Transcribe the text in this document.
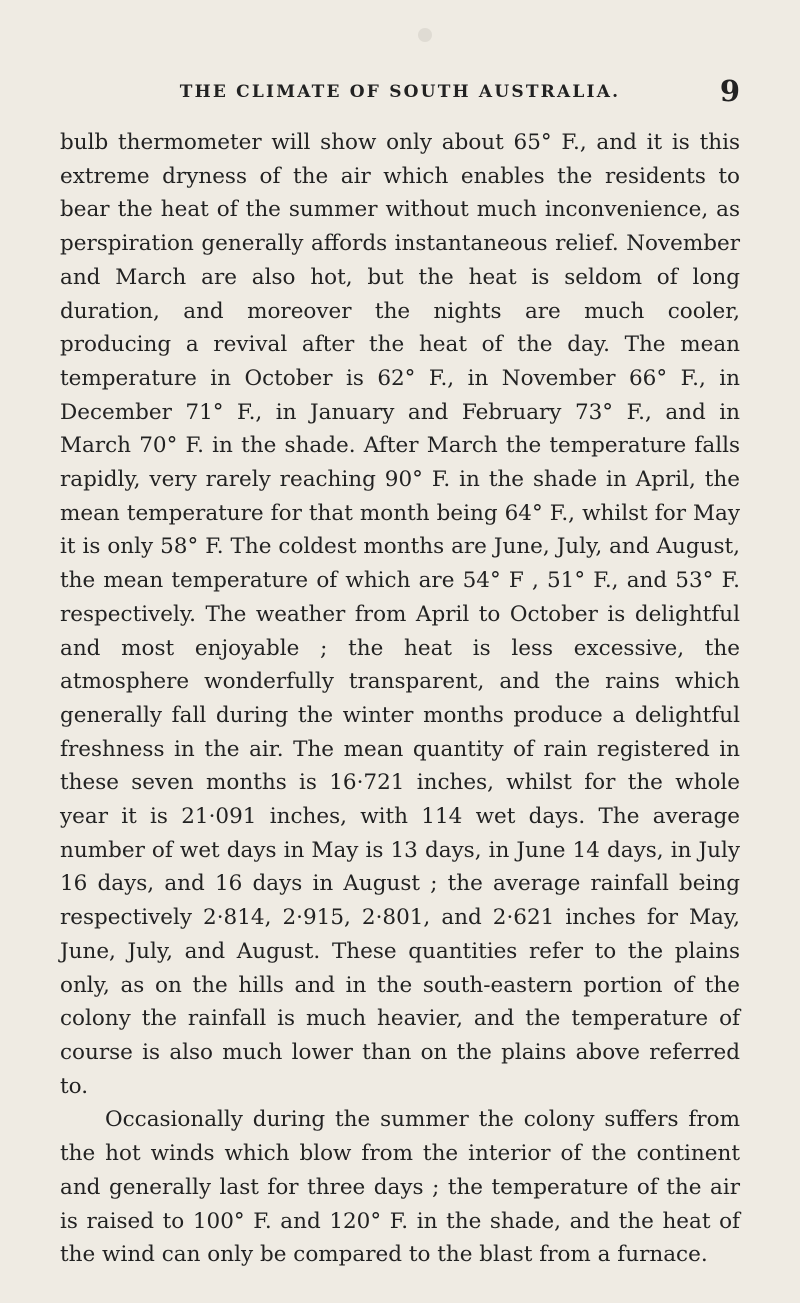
THE CLIMATE OF SOUTH AUSTRALIA.	9

bulb thermometer will show only about 65° F., and it is this extreme dryness of the air which enables the residents to bear the heat of the summer without much inconvenience, as perspiration generally affords instantaneous relief. November and March are also hot, but the heat is seldom of long duration, and moreover the nights are much cooler, producing a revival after the heat of the day. The mean temperature in October is 62° F., in November 66° F., in December 71° F., in January and February 73° F., and in March 70° F. in the shade. After March the temperature falls rapidly, very rarely reaching 90° F. in the shade in April, the mean temperature for that month being 64° F., whilst for May it is only 58° F. The coldest months are June, July, and August, the mean temperature of which are 54° F , 51° F., and 53° F. respectively. The weather from April to October is delightful and most enjoyable ; the heat is less excessive, the atmosphere wonderfully transparent, and the rains which generally fall during the winter months produce a delightful freshness in the air. The mean quantity of rain registered in these seven months is 16·721 inches, whilst for the whole year it is 21·091 inches, with 114 wet days. The average number of wet days in May is 13 days, in June 14 days, in July 16 days, and 16 days in August ; the average rainfall being respectively 2·814, 2·915, 2·801, and 2·621 inches for May, June, July, and August. These quantities refer to the plains only, as on the hills and in the south-eastern portion of the colony the rainfall is much heavier, and the temperature of course is also much lower than on the plains above referred to.

Occasionally during the summer the colony suffers from the hot winds which blow from the interior of the continent and generally last for three days ; the temperature of the air is raised to 100° F. and 120° F. in the shade, and the heat of the wind can only be compared to the blast from a furnace.
